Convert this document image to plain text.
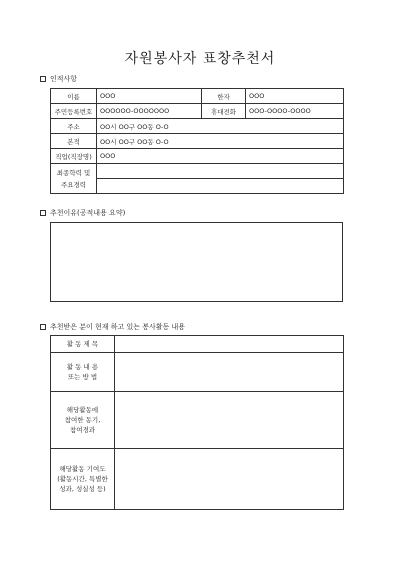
자원봉사자 표창추천서
인적사항
이름	OOO	한자	OOO
주민등록번호	OOOOOO-OOOOOOO	휴대전화	OOO-OOOO-OOOO
주소	OO시 OO구 OO동 O-O		
본적	OO시 OO구 OO동 O-O		
직업(직장명)	OOO		

최종학력 및
주요경력			

추천이유(공적내용 요약)
추천받은 분이 현재 하고 있는 봉사활동 내용
활 동 제 목	

활 동 내 용
또는 방 법	

해당활동에
참여한 동기,
참여경과	

해당활동 기여도
(활동시간, 특별한
성과, 성실성 등)	
